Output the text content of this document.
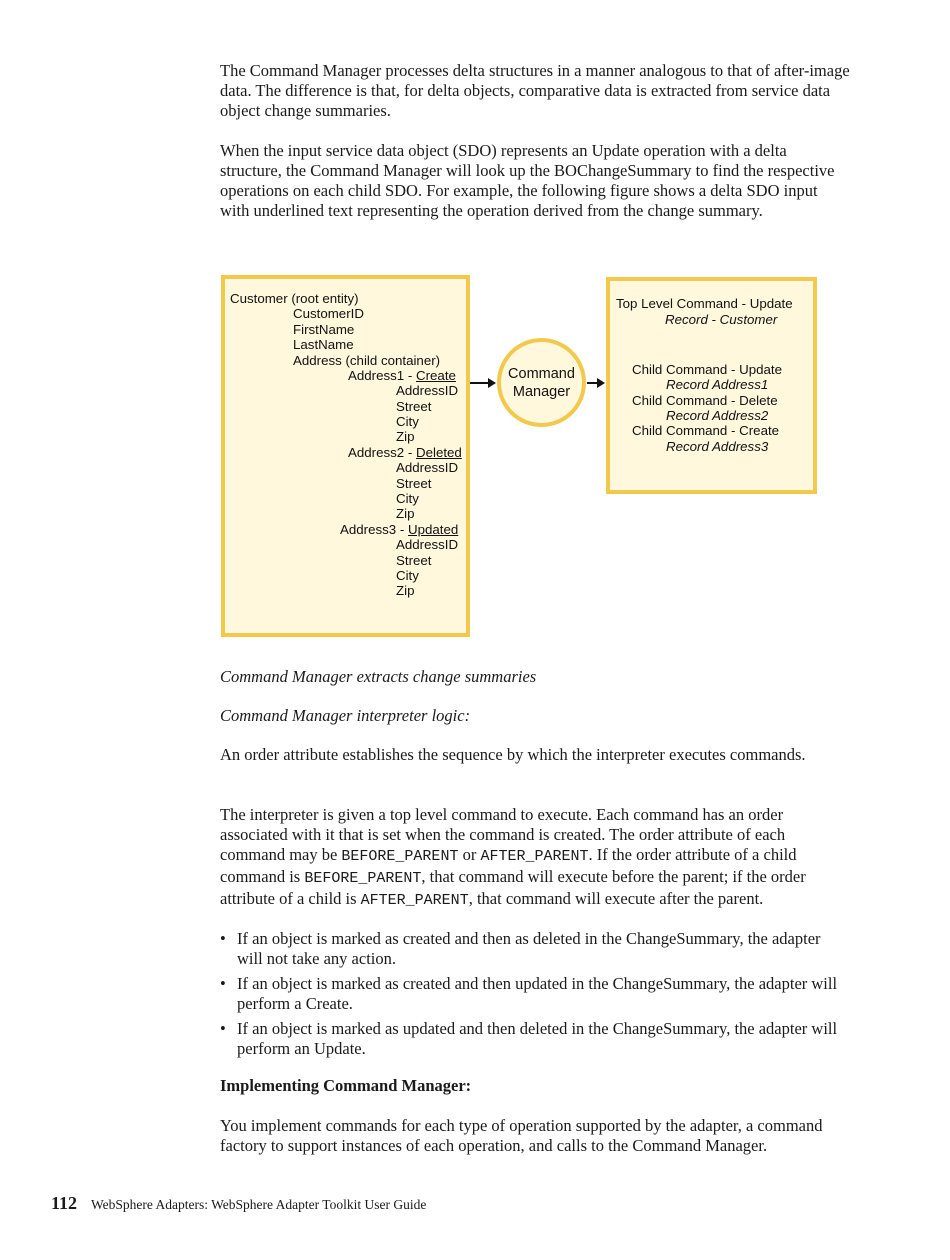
The Command Manager processes delta structures in a manner analogous to that of after-image data. The difference is that, for delta objects, comparative data is extracted from service data object change summaries.

When the input service data object (SDO) represents an Update operation with a delta structure, the Command Manager will look up the BOChangeSummary to find the respective operations on each child SDO. For example, the following figure shows a delta SDO input with underlined text representing the operation derived from the change summary.

Customer (root entity)
CustomerID
FirstName
LastName
Address (child container)
Address1 - Create
AddressID
Street
City
Zip
Address2 - Deleted
AddressID
Street
City
Zip
Address3 - Updated
AddressID
Street
City
Zip
Command
Manager
Top Level Command - Update
Record - Customer
Child Command - Update
Record Address1
Child Command - Delete
Record Address2
Child Command - Create
Record Address3

Command Manager extracts change summaries

Command Manager interpreter logic:

An order attribute establishes the sequence by which the interpreter executes commands.

The interpreter is given a top level command to execute. Each command has an order associated with it that is set when the command is created. The order attribute of each command may be BEFORE_PARENT or AFTER_PARENT. If the order attribute of a child command is BEFORE_PARENT, that command will execute before the parent; if the order attribute of a child is AFTER_PARENT, that command will execute after the parent.

• If an object is marked as created and then as deleted in the ChangeSummary, the adapter will not take any action.
• If an object is marked as created and then updated in the ChangeSummary, the adapter will perform a Create.
• If an object is marked as updated and then deleted in the ChangeSummary, the adapter will perform an Update.

Implementing Command Manager:

You implement commands for each type of operation supported by the adapter, a command factory to support instances of each operation, and calls to the Command Manager.

112 WebSphere Adapters: WebSphere Adapter Toolkit User Guide
